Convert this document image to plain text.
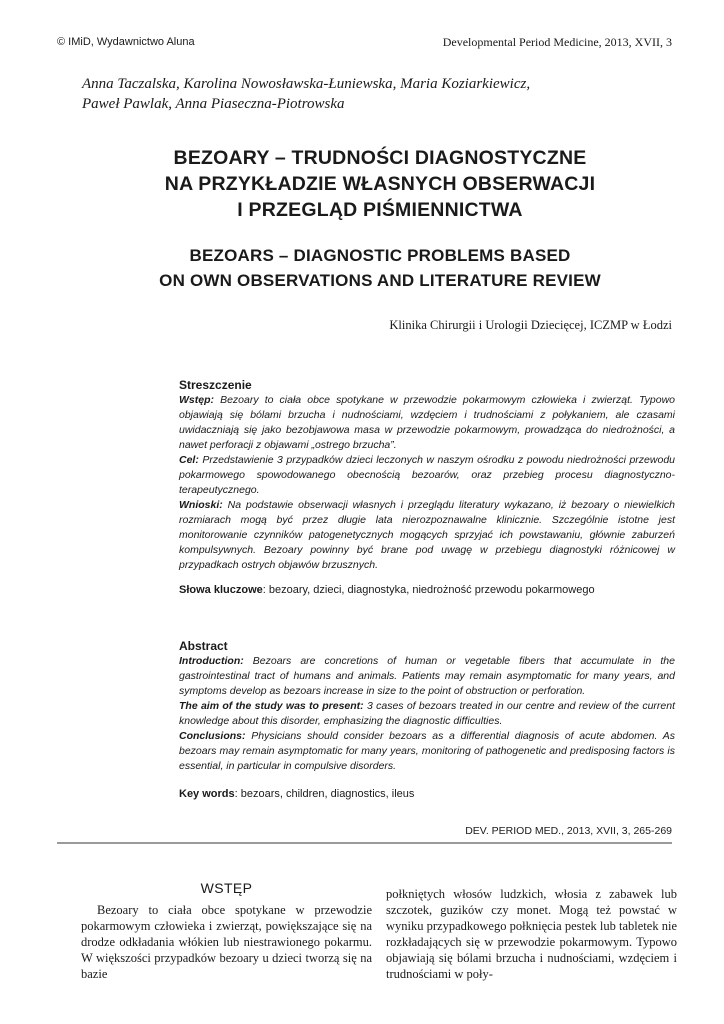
© IMiD, Wydawnictwo Aluna	Developmental Period Medicine, 2013, XVII, 3
Anna Taczalska, Karolina Nowosławska-Łuniewska, Maria Koziarkiewicz,
Paweł Pawlak, Anna Piaseczna-Piotrowska
BEZOARY – TRUDNOŚCI DIAGNOSTYCZNE
NA PRZYKŁADZIE WŁASNYCH OBSERWACJI
I PRZEGLĄD PIŚMIENNICTWA
BEZOARS – DIAGNOSTIC PROBLEMS BASED
ON OWN OBSERVATIONS AND LITERATURE REVIEW
Klinika Chirurgii i Urologii Dziecięcej, ICZMP w Łodzi
Streszczenie
Wstęp: Bezoary to ciała obce spotykane w przewodzie pokarmowym człowieka i zwierząt. Typowo objawiają się bólami brzucha i nudnościami, wzdęciem i trudnościami z połykaniem, ale czasami uwidaczniają się jako bezobjawowa masa w przewodzie pokarmowym, prowadząca do niedrożności, a nawet perforacji z objawami „ostrego brzucha”.
Cel: Przedstawienie 3 przypadków dzieci leczonych w naszym ośrodku z powodu niedrożności przewodu pokarmowego spowodowanego obecnością bezoarów, oraz przebieg procesu diagnostyczno-terapeutycznego.
Wnioski: Na podstawie obserwacji własnych i przeglądu literatury wykazano, iż bezoary o niewielkich rozmiarach mogą być przez długie lata nierozpoznawalne klinicznie. Szczególnie istotne jest monitorowanie czynników patogenetycznych mogących sprzyjać ich powstawaniu, głównie zaburzeń kompulsywnych. Bezoary powinny być brane pod uwagę w przebiegu diagnostyki różnicowej w przypadkach ostrych objawów brzusznych.
Słowa kluczowe: bezoary, dzieci, diagnostyka, niedrożność przewodu pokarmowego
Abstract
Introduction: Bezoars are concretions of human or vegetable fibers that accumulate in the gastrointestinal tract of humans and animals. Patients may remain asymptomatic for many years, and symptoms develop as bezoars increase in size to the point of obstruction or perforation.
The aim of the study was to present: 3 cases of bezoars treated in our centre and review of the current knowledge about this disorder, emphasizing the diagnostic difficulties.
Conclusions: Physicians should consider bezoars as a differential diagnosis of acute abdomen. As bezoars may remain asymptomatic for many years, monitoring of pathogenetic and predisposing factors is essential, in particular in compulsive disorders.
Key words: bezoars, children, diagnostics, ileus
DEV. PERIOD MED., 2013, XVII, 3, 265-269
WSTĘP
Bezoary to ciała obce spotykane w przewodzie pokarmowym człowieka i zwierząt, powiększające się na drodze odkładania włókien lub niestrawionego pokarmu. W większości przypadków bezoary u dzieci tworzą się na bazie
połkniętych włosów ludzkich, włosia z zabawek lub szczotek, guzików czy monet. Mogą też powstać w wyniku przypadkowego połknięcia pestek lub tabletek nie rozkładających się w przewodzie pokarmowym. Typowo objawiają się bólami brzucha i nudnościami, wzdęciem i trudnościami w poły-
